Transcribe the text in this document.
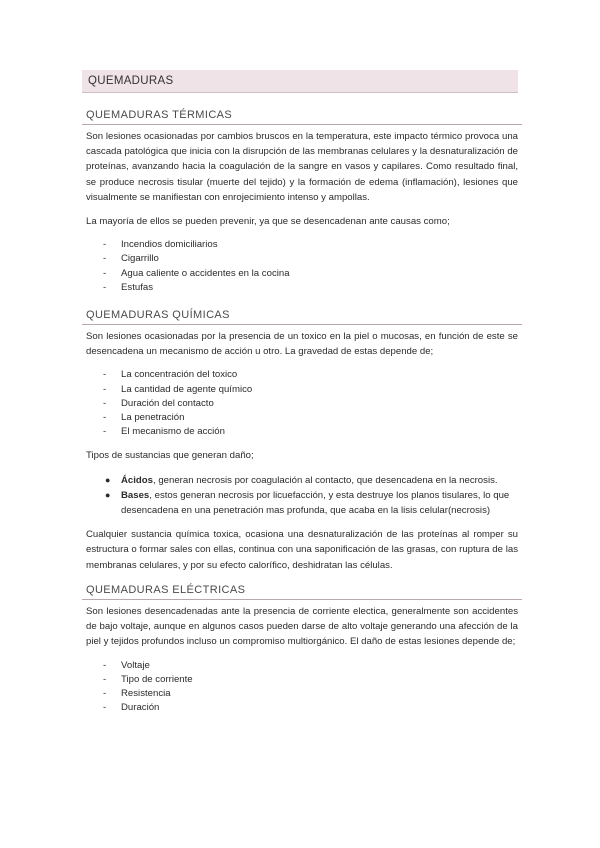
QUEMADURAS
QUEMADURAS TÉRMICAS

Son lesiones ocasionadas por cambios bruscos en la temperatura, este impacto térmico provoca una cascada patológica que inicia con la disrupción de las membranas celulares y la desnaturalización de proteínas, avanzando hacia la coagulación de la sangre en vasos y capilares. Como resultado final, se produce necrosis tisular (muerte del tejido) y la formación de edema (inflamación), lesiones que visualmente se manifiestan con enrojecimiento intenso y ampollas.

La mayoría de ellos se pueden prevenir, ya que se desencadenan ante causas como;

- Incendios domiciliarios
- Cigarrillo
- Agua caliente o accidentes en la cocina
- Estufas
QUEMADURAS QUÍMICAS

Son lesiones ocasionadas por la presencia de un toxico en la piel o mucosas, en función de este se desencadena un mecanismo de acción u otro. La gravedad de estas depende de;

- La concentración del toxico
- La cantidad de agente químico
- Duración del contacto
- La penetración
- El mecanismo de acción

Tipos de sustancias que generan daño;

● Ácidos, generan necrosis por coagulación al contacto, que desencadena en la necrosis.
● Bases, estos generan necrosis por licuefacción, y esta destruye los planos tisulares, lo que desencadena en una penetración mas profunda, que acaba en la lisis celular(necrosis)

Cualquier sustancia química toxica, ocasiona una desnaturalización de las proteínas al romper su estructura o formar sales con ellas, continua con una saponificación de las grasas, con ruptura de las membranas celulares, y por su efecto calorífico, deshidratan las células.

QUEMADURAS ELÉCTRICAS

Son lesiones desencadenadas ante la presencia de corriente electica, generalmente son accidentes de bajo voltaje, aunque en algunos casos pueden darse de alto voltaje generando una afección de la piel y tejidos profundos incluso un compromiso multiorgánico. El daño de estas lesiones depende de;

- Voltaje
- Tipo de corriente
- Resistencia
- Duración
